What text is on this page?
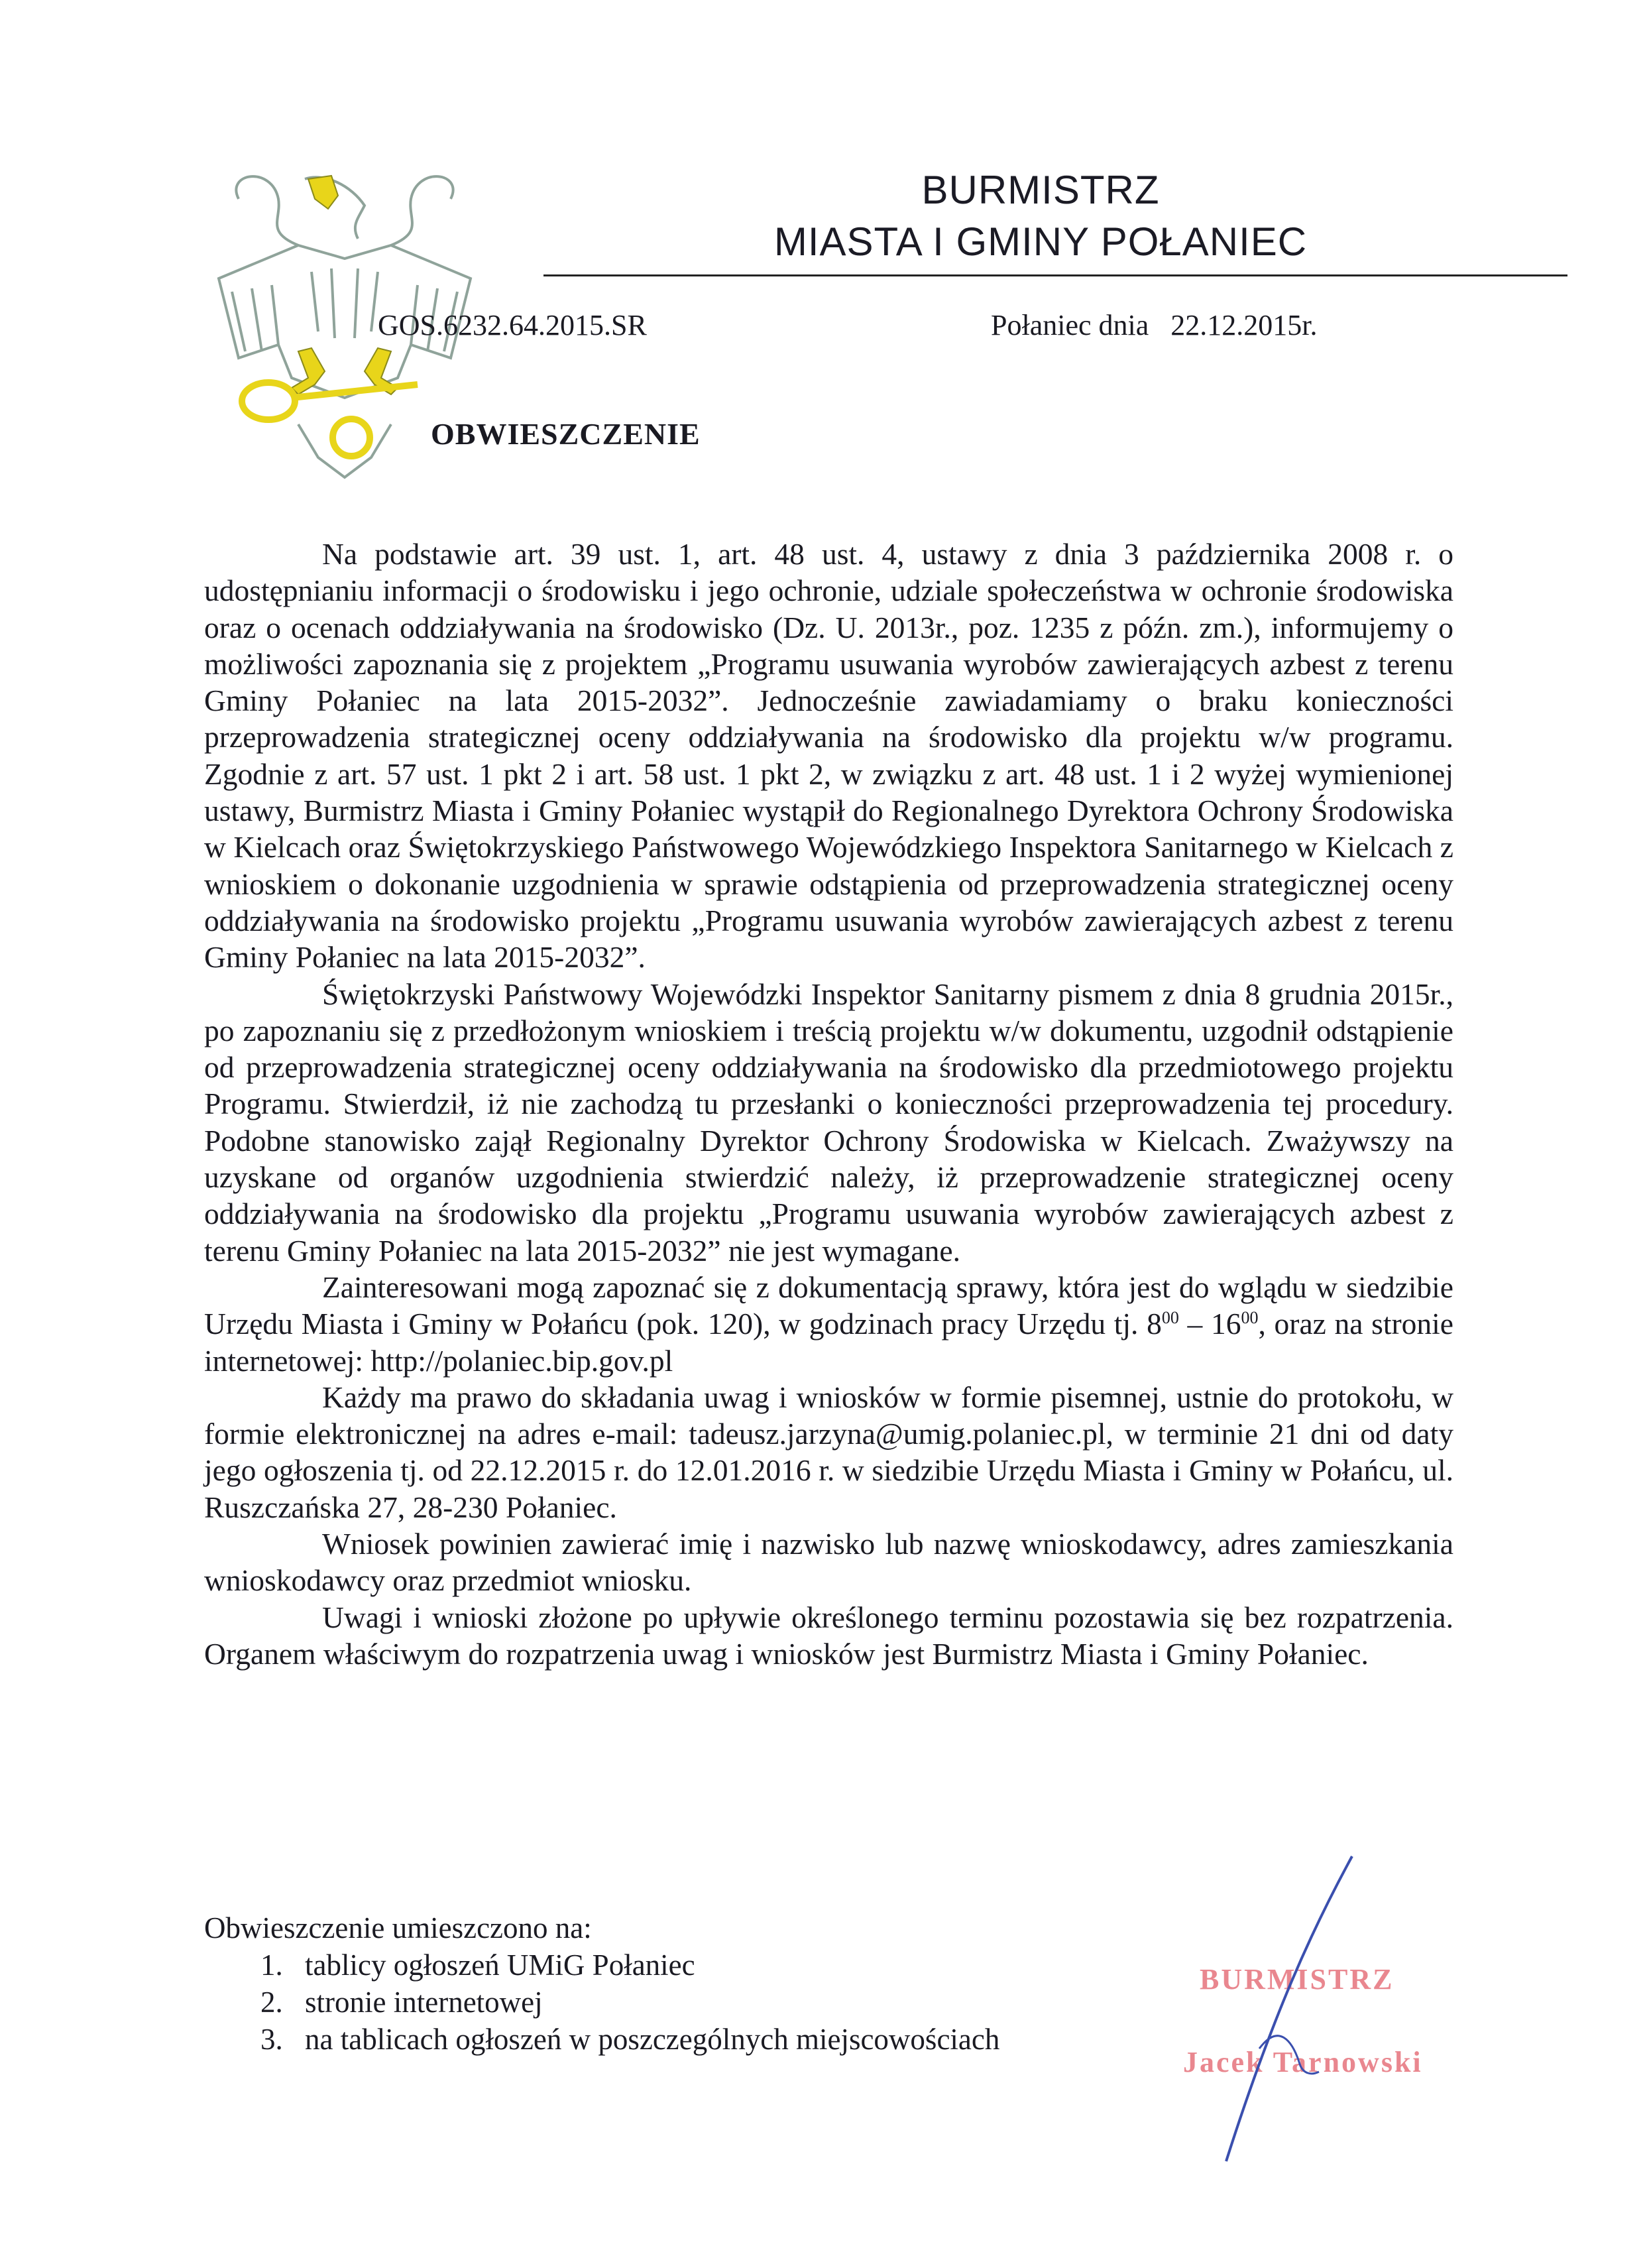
BURMISTRZ
MIASTA I GMINY POŁANIEC
GOS.6232.64.2015.SR	Połaniec dnia   22.12.2015r.
OBWIESZCZENIE

Na podstawie art. 39 ust. 1, art. 48 ust. 4, ustawy z dnia 3 października 2008 r. o udostępnianiu informacji o środowisku i jego ochronie, udziale społeczeństwa w ochronie środowiska oraz o ocenach oddziaływania na środowisko (Dz. U. 2013r., poz. 1235 z późn. zm.), informujemy o możliwości zapoznania się z projektem „Programu usuwania wyrobów zawierających azbest z terenu Gminy Połaniec na lata 2015-2032”. Jednocześnie zawiadamiamy o braku konieczności przeprowadzenia strategicznej oceny oddziaływania na środowisko dla projektu w/w programu. Zgodnie z art. 57 ust. 1 pkt 2 i art. 58 ust. 1 pkt 2, w związku z art. 48 ust. 1 i 2 wyżej wymienionej ustawy, Burmistrz Miasta i Gminy Połaniec wystąpił do Regionalnego Dyrektora Ochrony Środowiska w Kielcach oraz Świętokrzyskiego Państwowego Wojewódzkiego Inspektora Sanitarnego w Kielcach z wnioskiem o dokonanie uzgodnienia w sprawie odstąpienia od przeprowadzenia strategicznej oceny oddziaływania na środowisko projektu „Programu usuwania wyrobów zawierających azbest z terenu Gminy Połaniec na lata 2015-2032”.

Świętokrzyski Państwowy Wojewódzki Inspektor Sanitarny pismem z dnia 8 grudnia 2015r., po zapoznaniu się z przedłożonym wnioskiem i treścią projektu w/w dokumentu, uzgodnił odstąpienie od przeprowadzenia strategicznej oceny oddziaływania na środowisko dla przedmiotowego projektu Programu. Stwierdził, iż nie zachodzą tu przesłanki o konieczności przeprowadzenia tej procedury. Podobne stanowisko zajął Regionalny Dyrektor Ochrony Środowiska w Kielcach. Zważywszy na uzyskane od organów uzgodnienia stwierdzić należy, iż przeprowadzenie strategicznej oceny oddziaływania na środowisko dla projektu „Programu usuwania wyrobów zawierających azbest z terenu Gminy Połaniec na lata 2015-2032” nie jest wymagane.

Zainteresowani mogą zapoznać się z dokumentacją sprawy, która jest do wglądu w siedzibie Urzędu Miasta i Gminy w Połańcu (pok. 120), w godzinach pracy Urzędu tj. $8^{00} - 16^{00}$, oraz na stronie internetowej: http://polaniec.bip.gov.pl

Każdy ma prawo do składania uwag i wniosków w formie pisemnej, ustnie do protokołu, w formie elektronicznej na adres e-mail: tadeusz.jarzyna@umig.polaniec.pl, w terminie 21 dni od daty jego ogłoszenia tj. od 22.12.2015 r. do 12.01.2016 r. w siedzibie Urzędu Miasta i Gminy w Połańcu, ul. Ruszczańska 27, 28-230 Połaniec.

Wniosek powinien zawierać imię i nazwisko lub nazwę wnioskodawcy, adres zamieszkania wnioskodawcy oraz przedmiot wniosku.

Uwagi i wnioski złożone po upływie określonego terminu pozostawia się bez rozpatrzenia. Organem właściwym do rozpatrzenia uwag i wniosków jest Burmistrz Miasta i Gminy Połaniec.

Obwieszczenie umieszczono na:
1. tablicy ogłoszeń UMiG Połaniec
2. stronie internetowej
3. na tablicach ogłoszeń w poszczególnych miejscowościach
BURMISTRZ
Jacek Tarnowski
